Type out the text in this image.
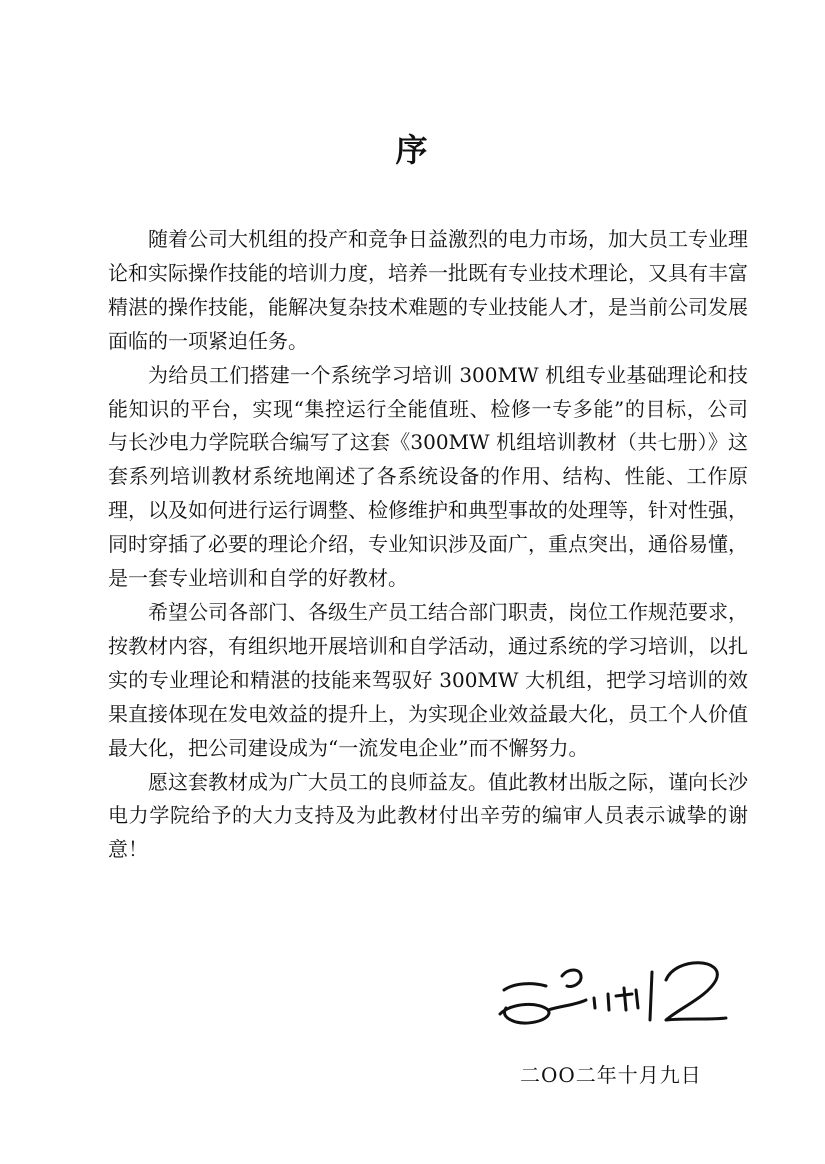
序

随着公司大机组的投产和竞争日益激烈的电力市场，加大员工专业理论和实际操作技能的培训力度，培养一批既有专业技术理论，又具有丰富精湛的操作技能，能解决复杂技术难题的专业技能人才，是当前公司发展面临的一项紧迫任务。

为给员工们搭建一个系统学习培训 300MW 机组专业基础理论和技能知识的平台，实现“集控运行全能值班、检修一专多能”的目标，公司与长沙电力学院联合编写了这套《300MW 机组培训教材（共七册）》这套系列培训教材系统地阐述了各系统设备的作用、结构、性能、工作原理，以及如何进行运行调整、检修维护和典型事故的处理等，针对性强，同时穿插了必要的理论介绍，专业知识涉及面广，重点突出，通俗易懂，是一套专业培训和自学的好教材。

希望公司各部门、各级生产员工结合部门职责，岗位工作规范要求，按教材内容，有组织地开展培训和自学活动，通过系统的学习培训，以扎实的专业理论和精湛的技能来驾驭好 300MW 大机组，把学习培训的效果直接体现在发电效益的提升上，为实现企业效益最大化，员工个人价值最大化，把公司建设成为“一流发电企业”而不懈努力。

愿这套教材成为广大员工的良师益友。值此教材出版之际，谨向长沙电力学院给予的大力支持及为此教材付出辛劳的编审人员表示诚挚的谢意！

二OO二年十月九日
